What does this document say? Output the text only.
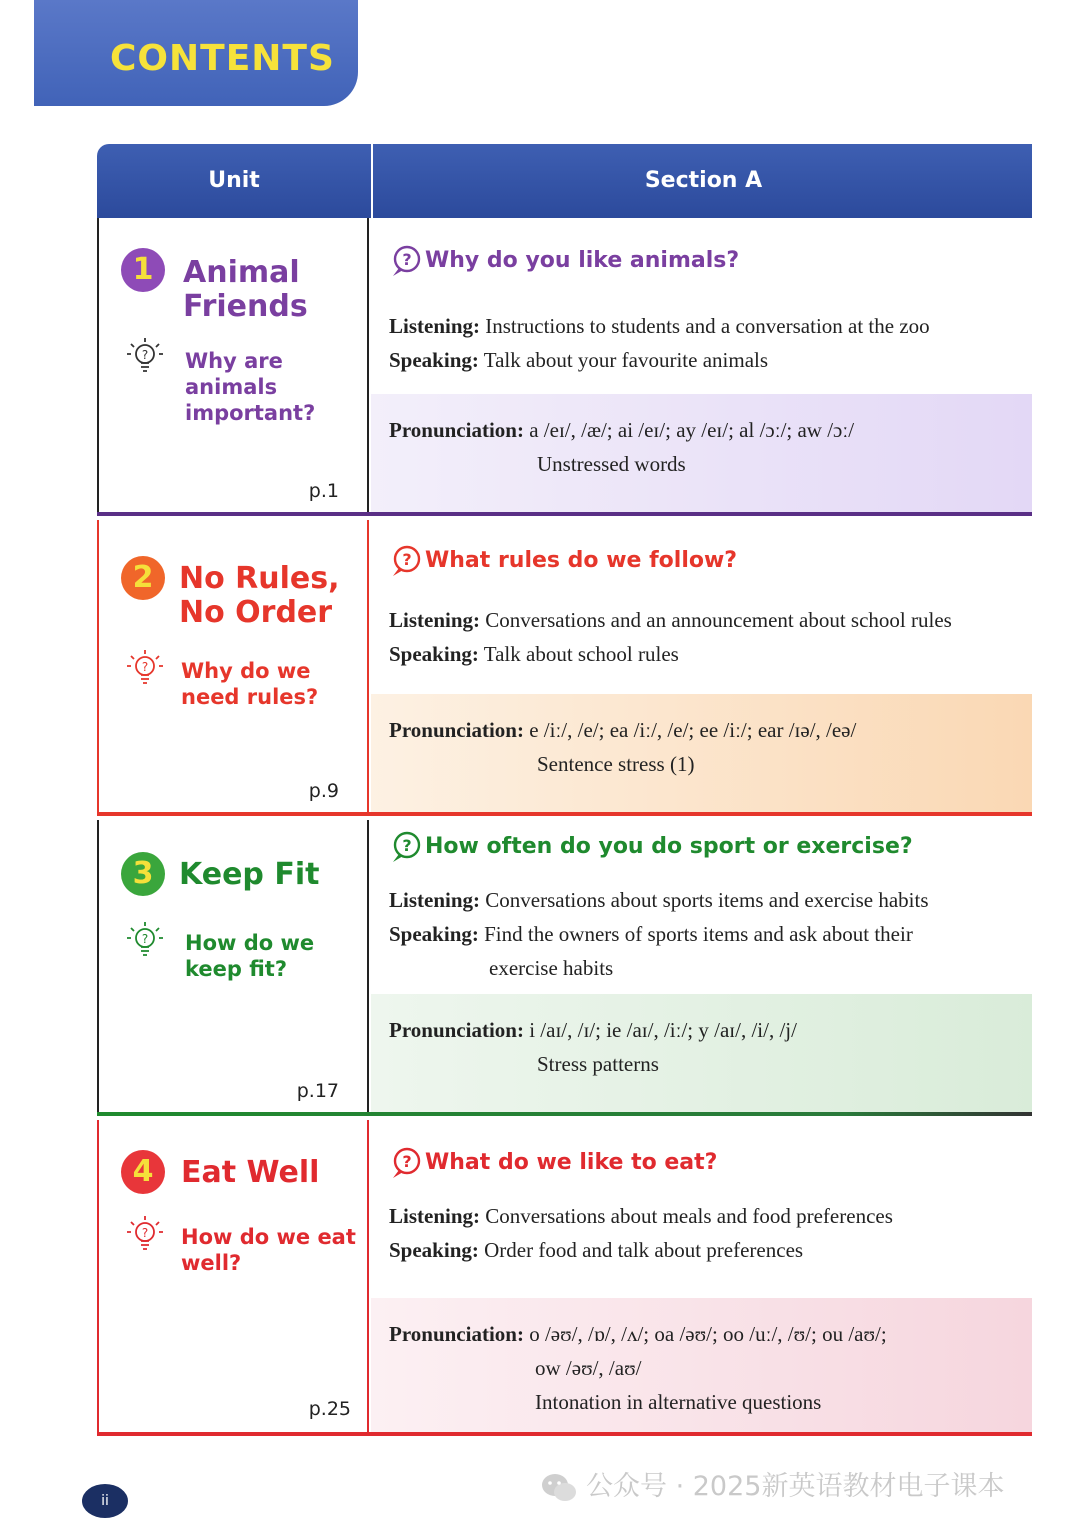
CONTENTS
Unit	Section A
1 Animal
Friends
? Why are
animals
important?
p.1
? Why do you like animals?
Listening: Instructions to students and a conversation at the zoo
Speaking: Talk about your favourite animals
Pronunciation: a /eɪ/, /æ/; ai /eɪ/; ay /eɪ/; al /ɔː/; aw /ɔː/
Unstressed words
2 No Rules,
No Order
? Why do we
need rules?
p.9
? What rules do we follow?
Listening: Conversations and an announcement about school rules
Speaking: Talk about school rules
Pronunciation: e /iː/, /e/; ea /iː/, /e/; ee /iː/; ear /ɪə/, /eə/
Sentence stress (1)
3 Keep Fit
? How do we
keep fit?
p.17
? How often do you do sport or exercise?
Listening: Conversations about sports items and exercise habits
Speaking: Find the owners of sports items and ask about their
exercise habits
Pronunciation: i /aɪ/, /ɪ/; ie /aɪ/, /iː/; y /aɪ/, /i/, /j/
Stress patterns
4 Eat Well
? How do we eat
well?
p.25
? What do we like to eat?
Listening: Conversations about meals and food preferences
Speaking: Order food and talk about preferences
Pronunciation: o /əʊ/, /ɒ/, /ʌ/; oa /əʊ/; oo /uː/, /ʊ/; ou /aʊ/;
ow /əʊ/, /aʊ/
Intonation in alternative questions
ii	公众号 · 2025新英语教材电子课本
